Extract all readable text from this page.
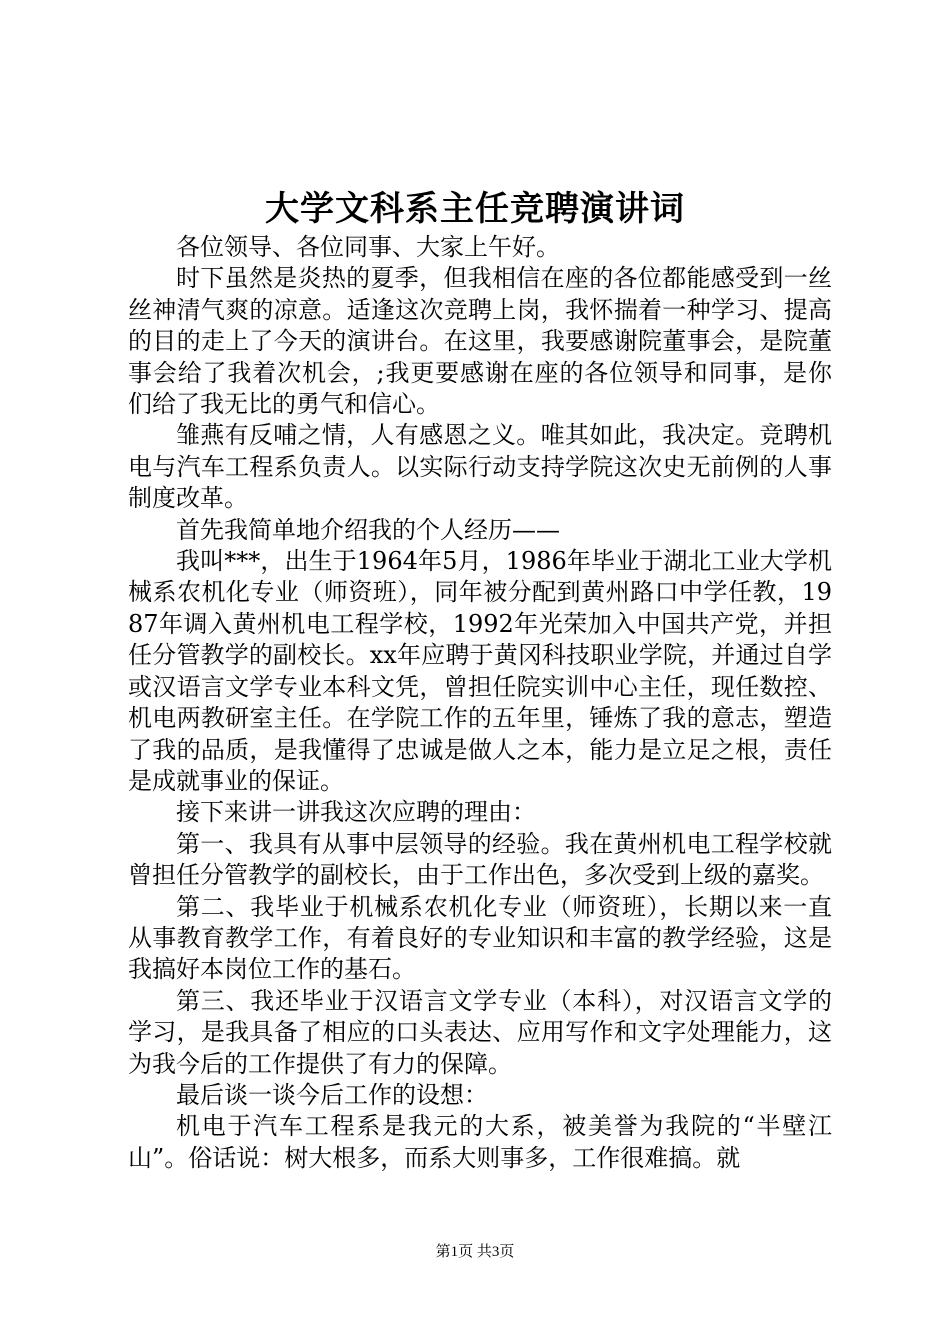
大学文科系主任竞聘演讲词

各位领导、各位同事、大家上午好。

时下虽然是炎热的夏季，但我相信在座的各位都能感受到一丝丝神清气爽的凉意。适逢这次竞聘上岗，我怀揣着一种学习、提高的目的走上了今天的演讲台。在这里，我要感谢院董事会，是院董事会给了我着次机会，;我更要感谢在座的各位领导和同事，是你们给了我无比的勇气和信心。

雏燕有反哺之情，人有感恩之义。唯其如此，我决定。竞聘机电与汽车工程系负责人。以实际行动支持学院这次史无前例的人事制度改革。

首先我简单地介绍我的个人经历——

我叫***，出生于1964年5月，1986年毕业于湖北工业大学机械系农机化专业（师资班），同年被分配到黄州路口中学任教，1987年调入黄州机电工程学校，1992年光荣加入中国共产党，并担任分管教学的副校长。xx年应聘于黄冈科技职业学院，并通过自学或汉语言文学专业本科文凭，曾担任院实训中心主任，现任数控、机电两教研室主任。在学院工作的五年里，锤炼了我的意志，塑造了我的品质，是我懂得了忠诚是做人之本，能力是立足之根，责任是成就事业的保证。

接下来讲一讲我这次应聘的理由：

第一、我具有从事中层领导的经验。我在黄州机电工程学校就曾担任分管教学的副校长，由于工作出色，多次受到上级的嘉奖。

第二、我毕业于机械系农机化专业（师资班），长期以来一直从事教育教学工作，有着良好的专业知识和丰富的教学经验，这是我搞好本岗位工作的基石。

第三、我还毕业于汉语言文学专业（本科），对汉语言文学的学习，是我具备了相应的口头表达、应用写作和文字处理能力，这为我今后的工作提供了有力的保障。

最后谈一谈今后工作的设想：

机电于汽车工程系是我元的大系，被美誉为我院的“半壁江山”。俗话说：树大根多，而系大则事多，工作很难搞。就

第1页 共3页
